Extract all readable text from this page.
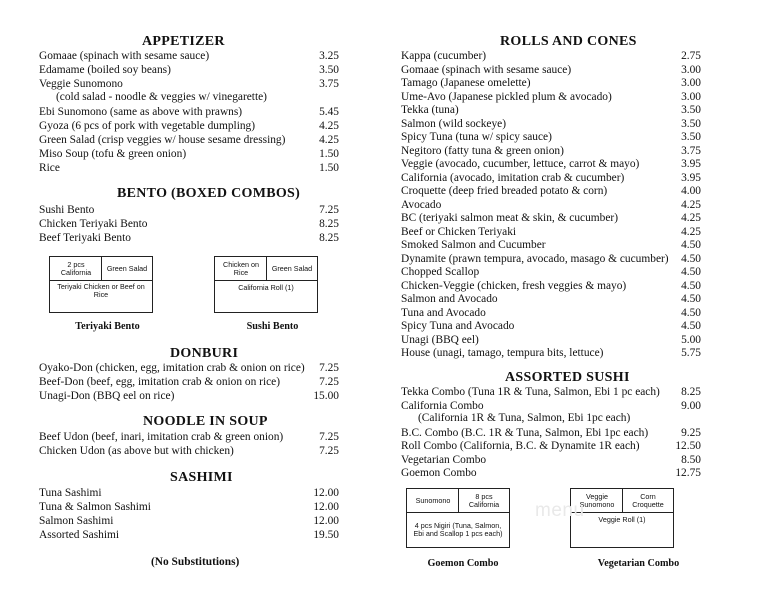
APPETIZER
Gomaae (spinach with sesame sauce)	3.25
Edamame (boiled soy beans)	3.50
Veggie Sunomono	3.75
(cold salad - noodle & veggies w/ vinegarette)
Ebi Sunomono (same as above with prawns)	5.45
Gyoza (6 pcs of pork with vegetable dumpling)	4.25
Green Salad (crisp veggies w/ house sesame dressing)	4.25
Miso Soup (tofu & green onion)	1.50
Rice	1.50
BENTO (BOXED COMBOS)
Sushi Bento	7.25
Chicken Teriyaki Bento	8.25
Beef Teriyaki Bento	8.25
2 pcs California	Green Salad
Teriyaki Chicken or Beef on Rice
Teriyaki Bento
Chicken on Rice	Green Salad
California Roll (1)
Sushi Bento
DONBURI
Oyako-Don (chicken, egg, imitation crab & onion on rice) 7.25
Beef-Don (beef, egg, imitation crab & onion on rice)	7.25
Unagi-Don (BBQ eel on rice)	15.00
NOODLE IN SOUP
Beef Udon (beef, inari, imitation crab & green onion)	7.25
Chicken Udon (as above but with chicken)	7.25
SASHIMI
Tuna Sashimi	12.00
Tuna & Salmon Sashimi	12.00
Salmon Sashimi	12.00
Assorted Sashimi	19.50
(No Substitutions)
ROLLS AND CONES
Kappa (cucumber)	2.75
Gomaae (spinach with sesame sauce)	3.00
Tamago (Japanese omelette)	3.00
Ume-Avo (Japanese pickled plum & avocado)	3.00
Tekka (tuna)	3.50
Salmon (wild sockeye)	3.50
Spicy Tuna (tuna w/ spicy sauce)	3.50
Negitoro (fatty tuna & green onion)	3.75
Veggie (avocado, cucumber, lettuce, carrot & mayo)	3.95
California (avocado, imitation crab & cucumber)	3.95
Croquette (deep fried breaded potato & corn)	4.00
Avocado	4.25
BC (teriyaki salmon meat & skin, & cucumber)	4.25
Beef or Chicken Teriyaki	4.25
Smoked Salmon and Cucumber	4.50
Dynamite (prawn tempura, avocado, masago & cucumber) 4.50
Chopped Scallop	4.50
Chicken-Veggie (chicken, fresh veggies & mayo)	4.50
Salmon and Avocado	4.50
Tuna and Avocado	4.50
Spicy Tuna and Avocado	4.50
Unagi (BBQ eel)	5.00
House (unagi, tamago, tempura bits, lettuce)	5.75
ASSORTED SUSHI
Tekka Combo (Tuna 1R & Tuna, Salmon, Ebi 1 pc each) 8.25
California Combo	9.00
(California 1R & Tuna, Salmon, Ebi 1pc each)
B.C. Combo (B.C. 1R & Tuna, Salmon, Ebi 1pc each)	9.25
Roll Combo (California, B.C. & Dynamite 1R each)	12.50
Vegetarian Combo	8.50
Goemon Combo	12.75
Sunomono	8 pcs California
4 pcs Nigiri (Tuna, Salmon, Ebi and Scallop 1 pcs each)
Goemon Combo
Veggie Sunomono
Corn Croquette
Veggie Roll (1)
Vegetarian Combo
menu
